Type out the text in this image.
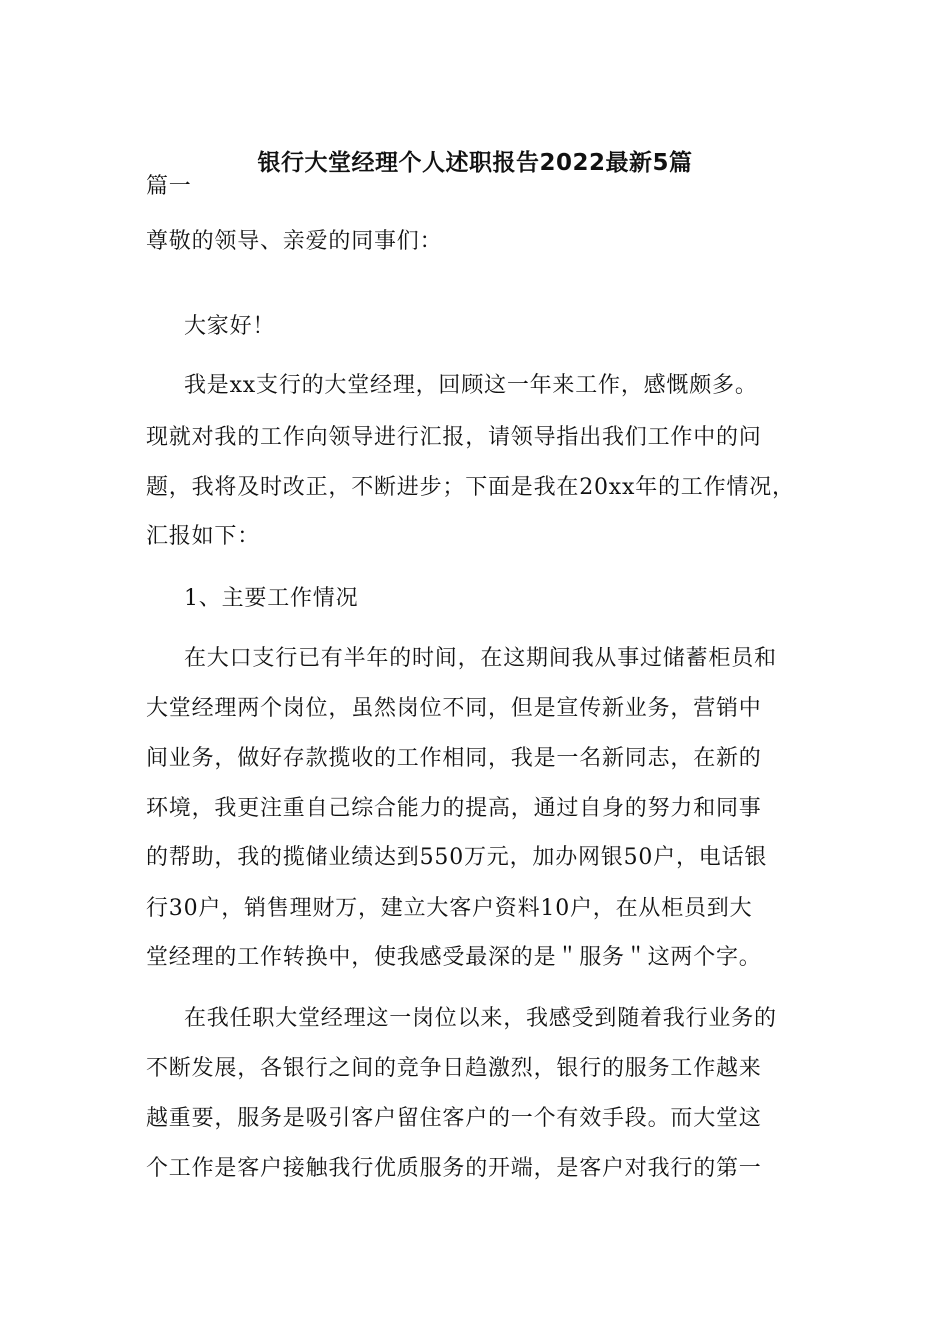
银行大堂经理个人述职报告2022最新5篇
篇一
尊敬的领导、亲爱的同事们：
大家好！
我是xx支行的大堂经理，回顾这一年来工作，感慨颇多。
现就对我的工作向领导进行汇报，请领导指出我们工作中的问
题，我将及时改正，不断进步；下面是我在20xx年的工作情况，
汇报如下：
1、主要工作情况
在大口支行已有半年的时间，在这期间我从事过储蓄柜员和
大堂经理两个岗位，虽然岗位不同，但是宣传新业务，营销中
间业务，做好存款揽收的工作相同，我是一名新同志，在新的
环境，我更注重自己综合能力的提高，通过自身的努力和同事
的帮助，我的揽储业绩达到550万元，加办网银50户，电话银
行30户，销售理财万，建立大客户资料10户，在从柜员到大
堂经理的工作转换中，使我感受最深的是＂服务＂这两个字。
在我任职大堂经理这一岗位以来，我感受到随着我行业务的
不断发展，各银行之间的竞争日趋激烈，银行的服务工作越来
越重要，服务是吸引客户留住客户的一个有效手段。而大堂这
个工作是客户接触我行优质服务的开端，是客户对我行的第一
